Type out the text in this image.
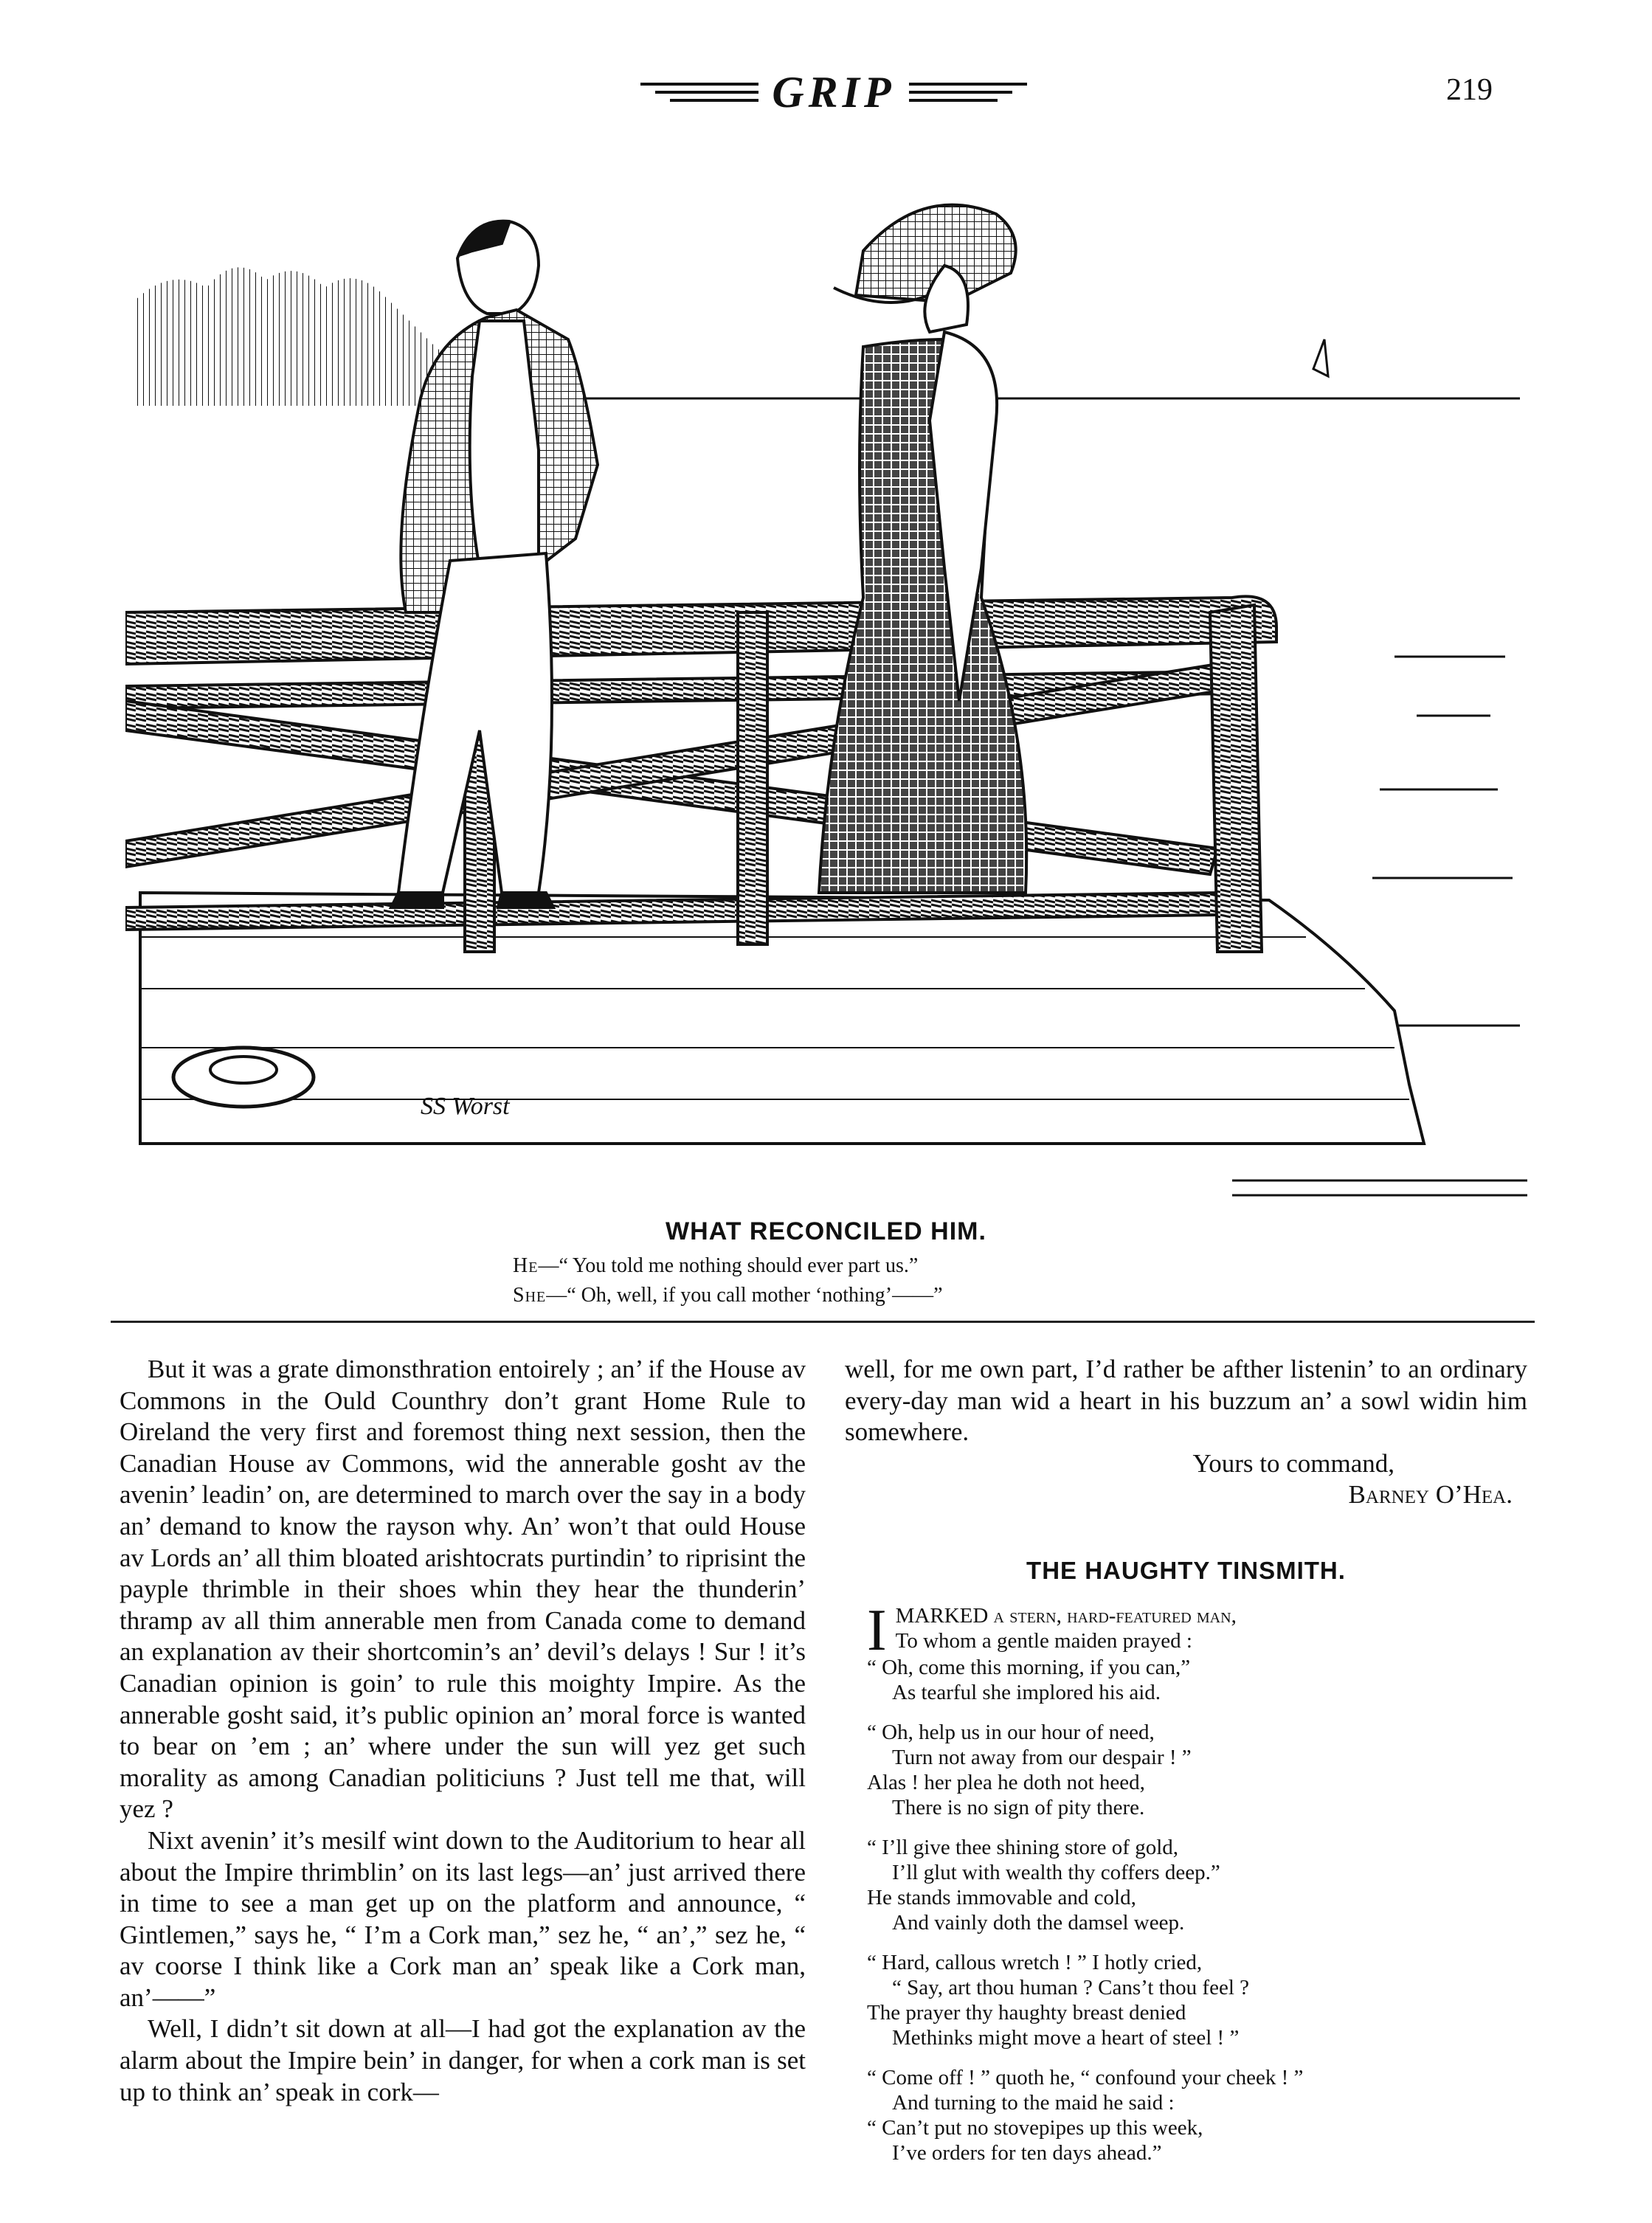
GRIP	219
SS Worst
WHAT RECONCILED HIM.
He—“ You told me nothing should ever part us.”
She—“ Oh, well, if you call mother ‘nothing’——”

But it was a grate dimonsthration entoirely ; an’ if the House av Commons in the Ould Counthry don’t grant Home Rule to Oireland the very first and foremost thing next session, then the Canadian House av Commons, wid the annerable gosht av the avenin’ leadin’ on, are determined to march over the say in a body an’ demand to know the rayson why. An’ won’t that ould House av Lords an’ all thim bloated arishtocrats purtindin’ to riprisint the payple thrimble in their shoes whin they hear the thunderin’ thramp av all thim annerable men from Canada come to demand an explanation av their shortcomin’s an’ devil’s delays ! Sur ! it’s Canadian opinion is goin’ to rule this moighty Impire. As the annerable gosht said, it’s public opinion an’ moral force is wanted to bear on ’em ; an’ where under the sun will yez get such morality as among Canadian politiciuns ? Just tell me that, will yez ?

Nixt avenin’ it’s mesilf wint down to the Auditorium to hear all about the Impire thrimblin’ on its last legs—an’ just arrived there in time to see a man get up on the platform and announce, “ Gintlemen,” says he, “ I’m a Cork man,” sez he, “ an’,” sez he, “ av coorse I think like a Cork man an’ speak like a Cork man, an’——”

Well, I didn’t sit down at all—I had got the explanation av the alarm about the Impire bein’ in danger, for when a cork man is set up to think an’ speak in cork—

well, for me own part, I’d rather be afther listenin’ to an ordinary every-day man wid a heart in his buzzum an’ a sowl widin him somewhere.

Yours to command,
Barney O’Hea.
THE HAUGHTY TINSMITH.
I MARKED a stern, hard-featured man,
To whom a gentle maiden prayed :
“ Oh, come this morning, if you can,”
As tearful she implored his aid.
“ Oh, help us in our hour of need,
Turn not away from our despair ! ”
Alas ! her plea he doth not heed,
There is no sign of pity there.
“ I’ll give thee shining store of gold,
I’ll glut with wealth thy coffers deep.”
He stands immovable and cold,
And vainly doth the damsel weep.
“ Hard, callous wretch ! ” I hotly cried,
“ Say, art thou human ? Cans’t thou feel ?
The prayer thy haughty breast denied
Methinks might move a heart of steel ! ”
“ Come off ! ” quoth he, “ confound your cheek ! ”
And turning to the maid he said :
“ Can’t put no stovepipes up this week,
I’ve orders for ten days ahead.”
